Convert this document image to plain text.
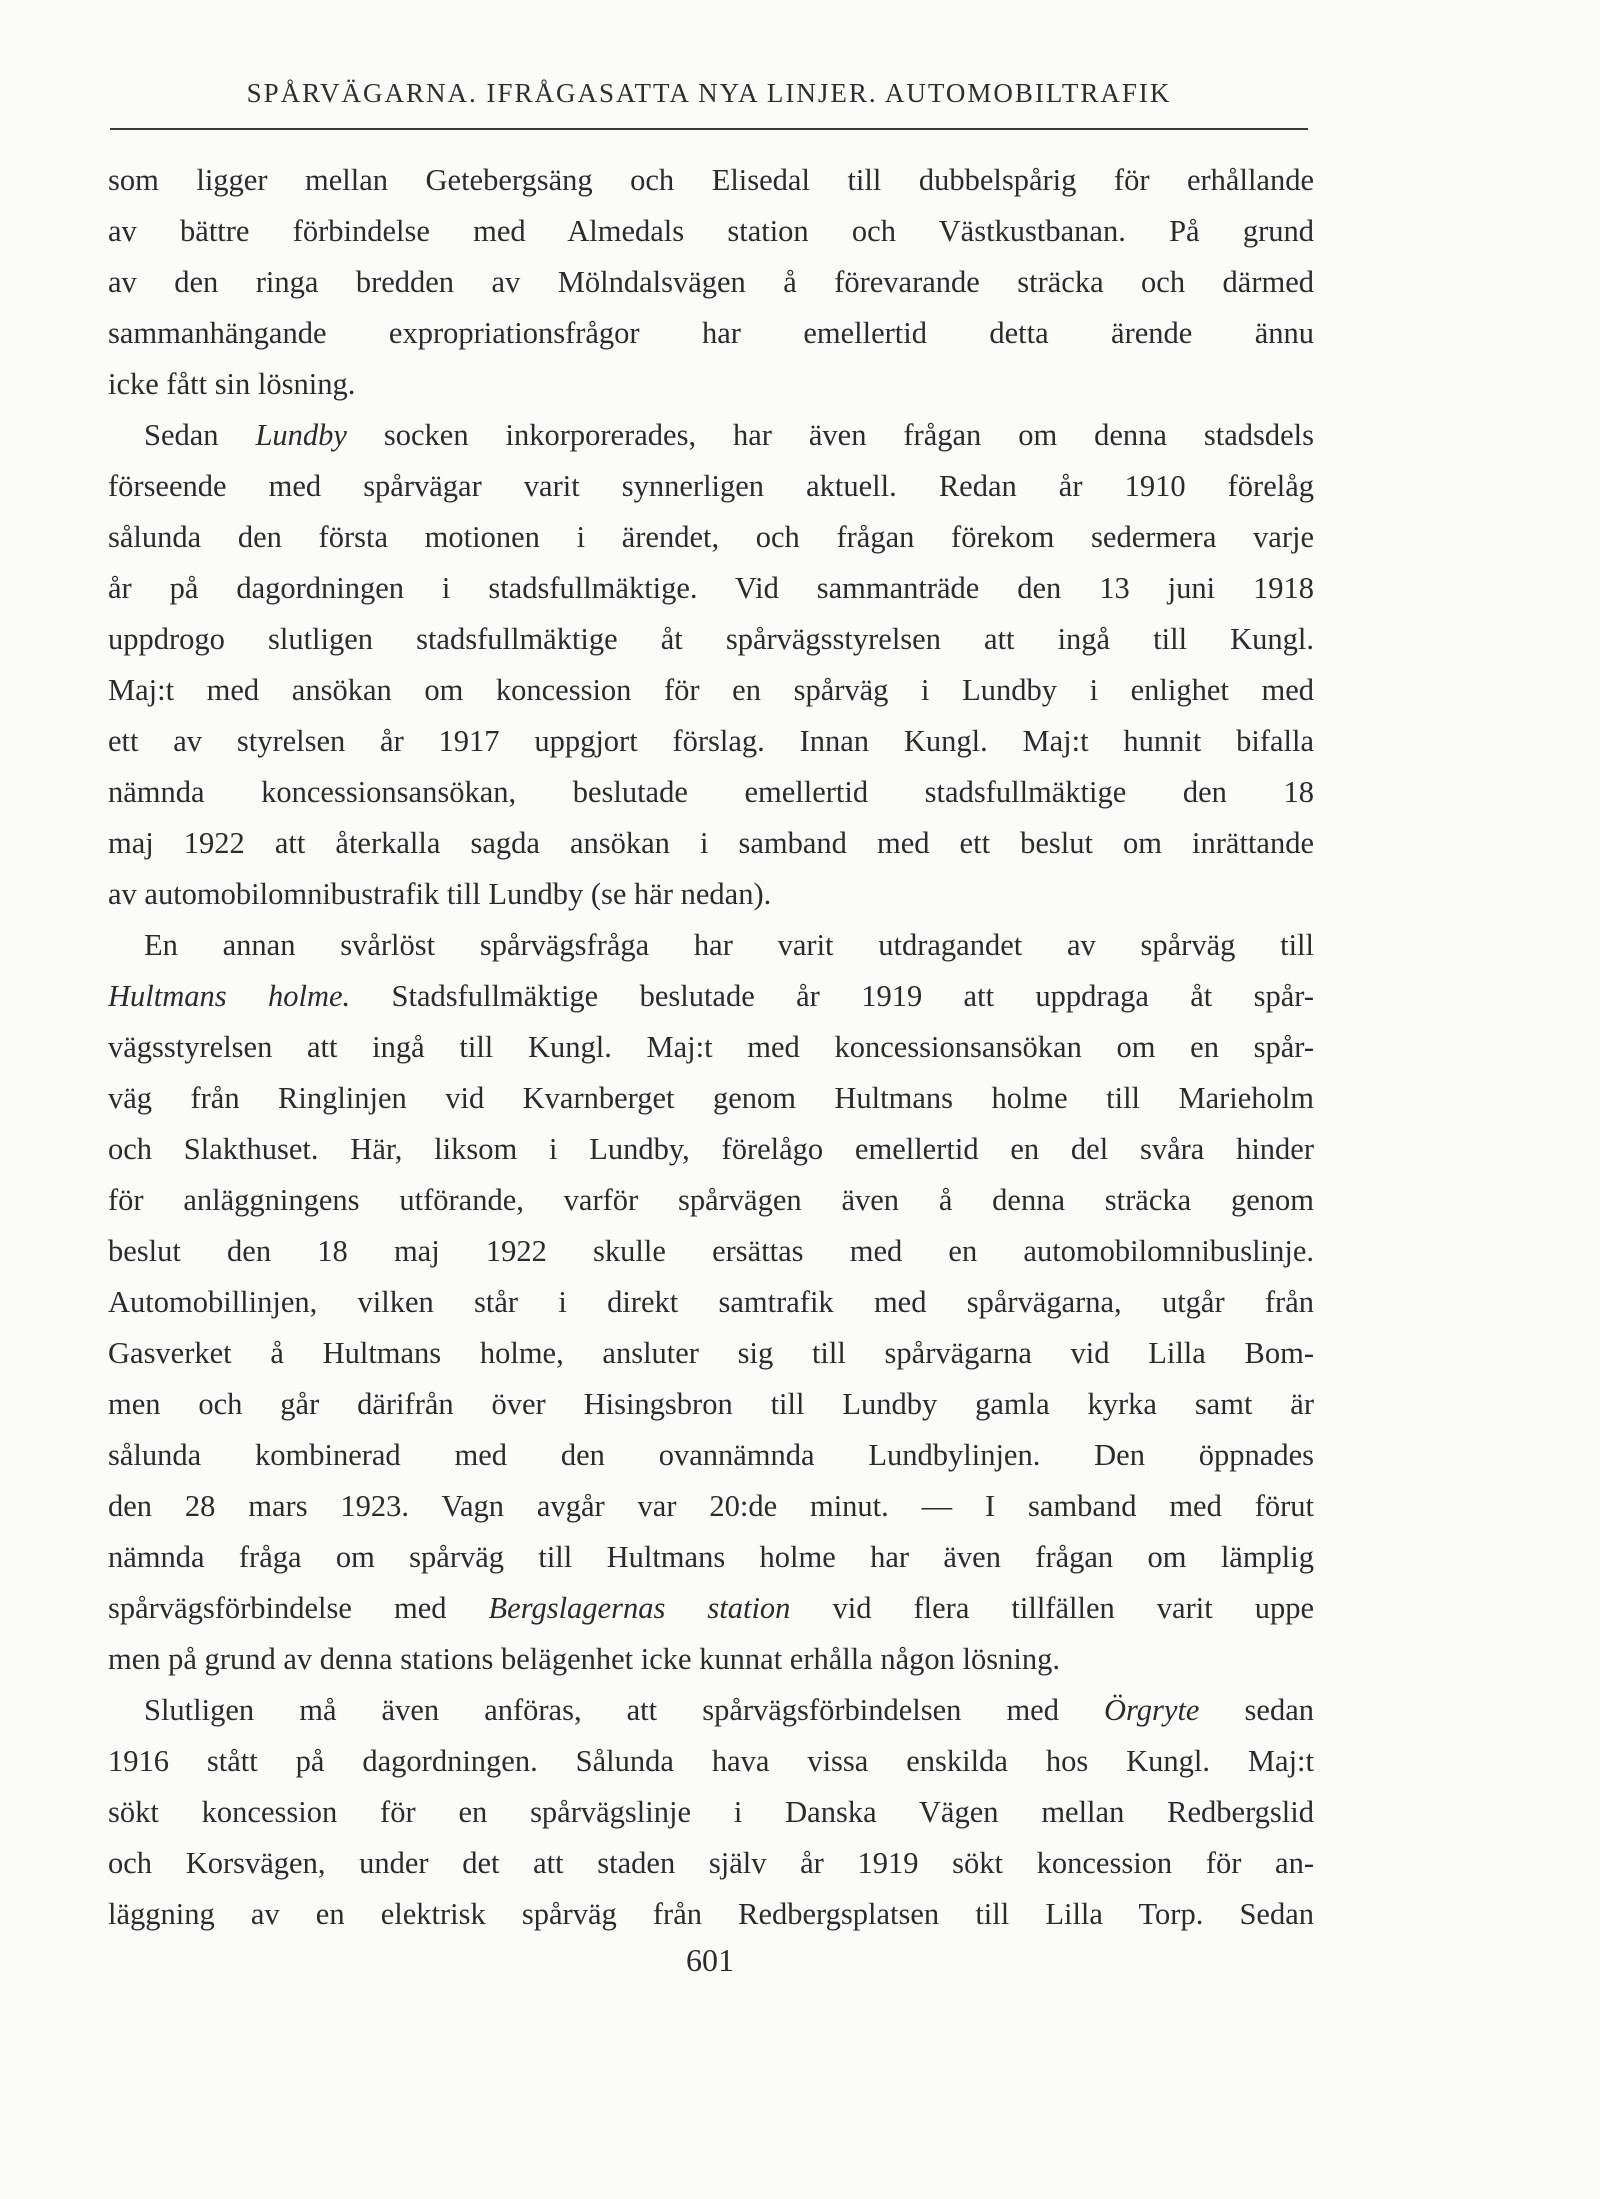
SPÅRVÄGARNA. IFRÅGASATTA NYA LINJER. AUTOMOBILTRAFIK
som ligger mellan Getebergsäng och Elisedal till dubbelspårig för erhållande
av bättre förbindelse med Almedals station och Västkustbanan. På grund
av den ringa bredden av Mölndalsvägen å förevarande sträcka och därmed
sammanhängande expropriationsfrågor har emellertid detta ärende ännu
icke fått sin lösning.
Sedan Lundby socken inkorporerades, har även frågan om denna stadsdels
förseende med spårvägar varit synnerligen aktuell. Redan år 1910 förelåg
sålunda den första motionen i ärendet, och frågan förekom sedermera varje
år på dagordningen i stadsfullmäktige. Vid sammanträde den 13 juni 1918
uppdrogo slutligen stadsfullmäktige åt spårvägsstyrelsen att ingå till Kungl.
Maj:t med ansökan om koncession för en spårväg i Lundby i enlighet med
ett av styrelsen år 1917 uppgjort förslag. Innan Kungl. Maj:t hunnit bifalla
nämnda koncessionsansökan, beslutade emellertid stadsfullmäktige den 18
maj 1922 att återkalla sagda ansökan i samband med ett beslut om inrättande
av automobilomnibustrafik till Lundby (se här nedan).
En annan svårlöst spårvägsfråga har varit utdragandet av spårväg till
Hultmans holme. Stadsfullmäktige beslutade år 1919 att uppdraga åt spår-
vägsstyrelsen att ingå till Kungl. Maj:t med koncessionsansökan om en spår-
väg från Ringlinjen vid Kvarnberget genom Hultmans holme till Marieholm
och Slakthuset. Här, liksom i Lundby, förelågo emellertid en del svåra hinder
för anläggningens utförande, varför spårvägen även å denna sträcka genom
beslut den 18 maj 1922 skulle ersättas med en automobilomnibuslinje.
Automobillinjen, vilken står i direkt samtrafik med spårvägarna, utgår från
Gasverket å Hultmans holme, ansluter sig till spårvägarna vid Lilla Bom-
men och går därifrån över Hisingsbron till Lundby gamla kyrka samt är
sålunda kombinerad med den ovannämnda Lundbylinjen. Den öppnades
den 28 mars 1923. Vagn avgår var 20:de minut. — I samband med förut
nämnda fråga om spårväg till Hultmans holme har även frågan om lämplig
spårvägsförbindelse med Bergslagernas station vid flera tillfällen varit uppe
men på grund av denna stations belägenhet icke kunnat erhålla någon lösning.
Slutligen må även anföras, att spårvägsförbindelsen med Örgryte sedan
1916 stått på dagordningen. Sålunda hava vissa enskilda hos Kungl. Maj:t
sökt koncession för en spårvägslinje i Danska Vägen mellan Redbergslid
och Korsvägen, under det att staden själv år 1919 sökt koncession för an-
läggning av en elektrisk spårväg från Redbergsplatsen till Lilla Torp. Sedan
601
